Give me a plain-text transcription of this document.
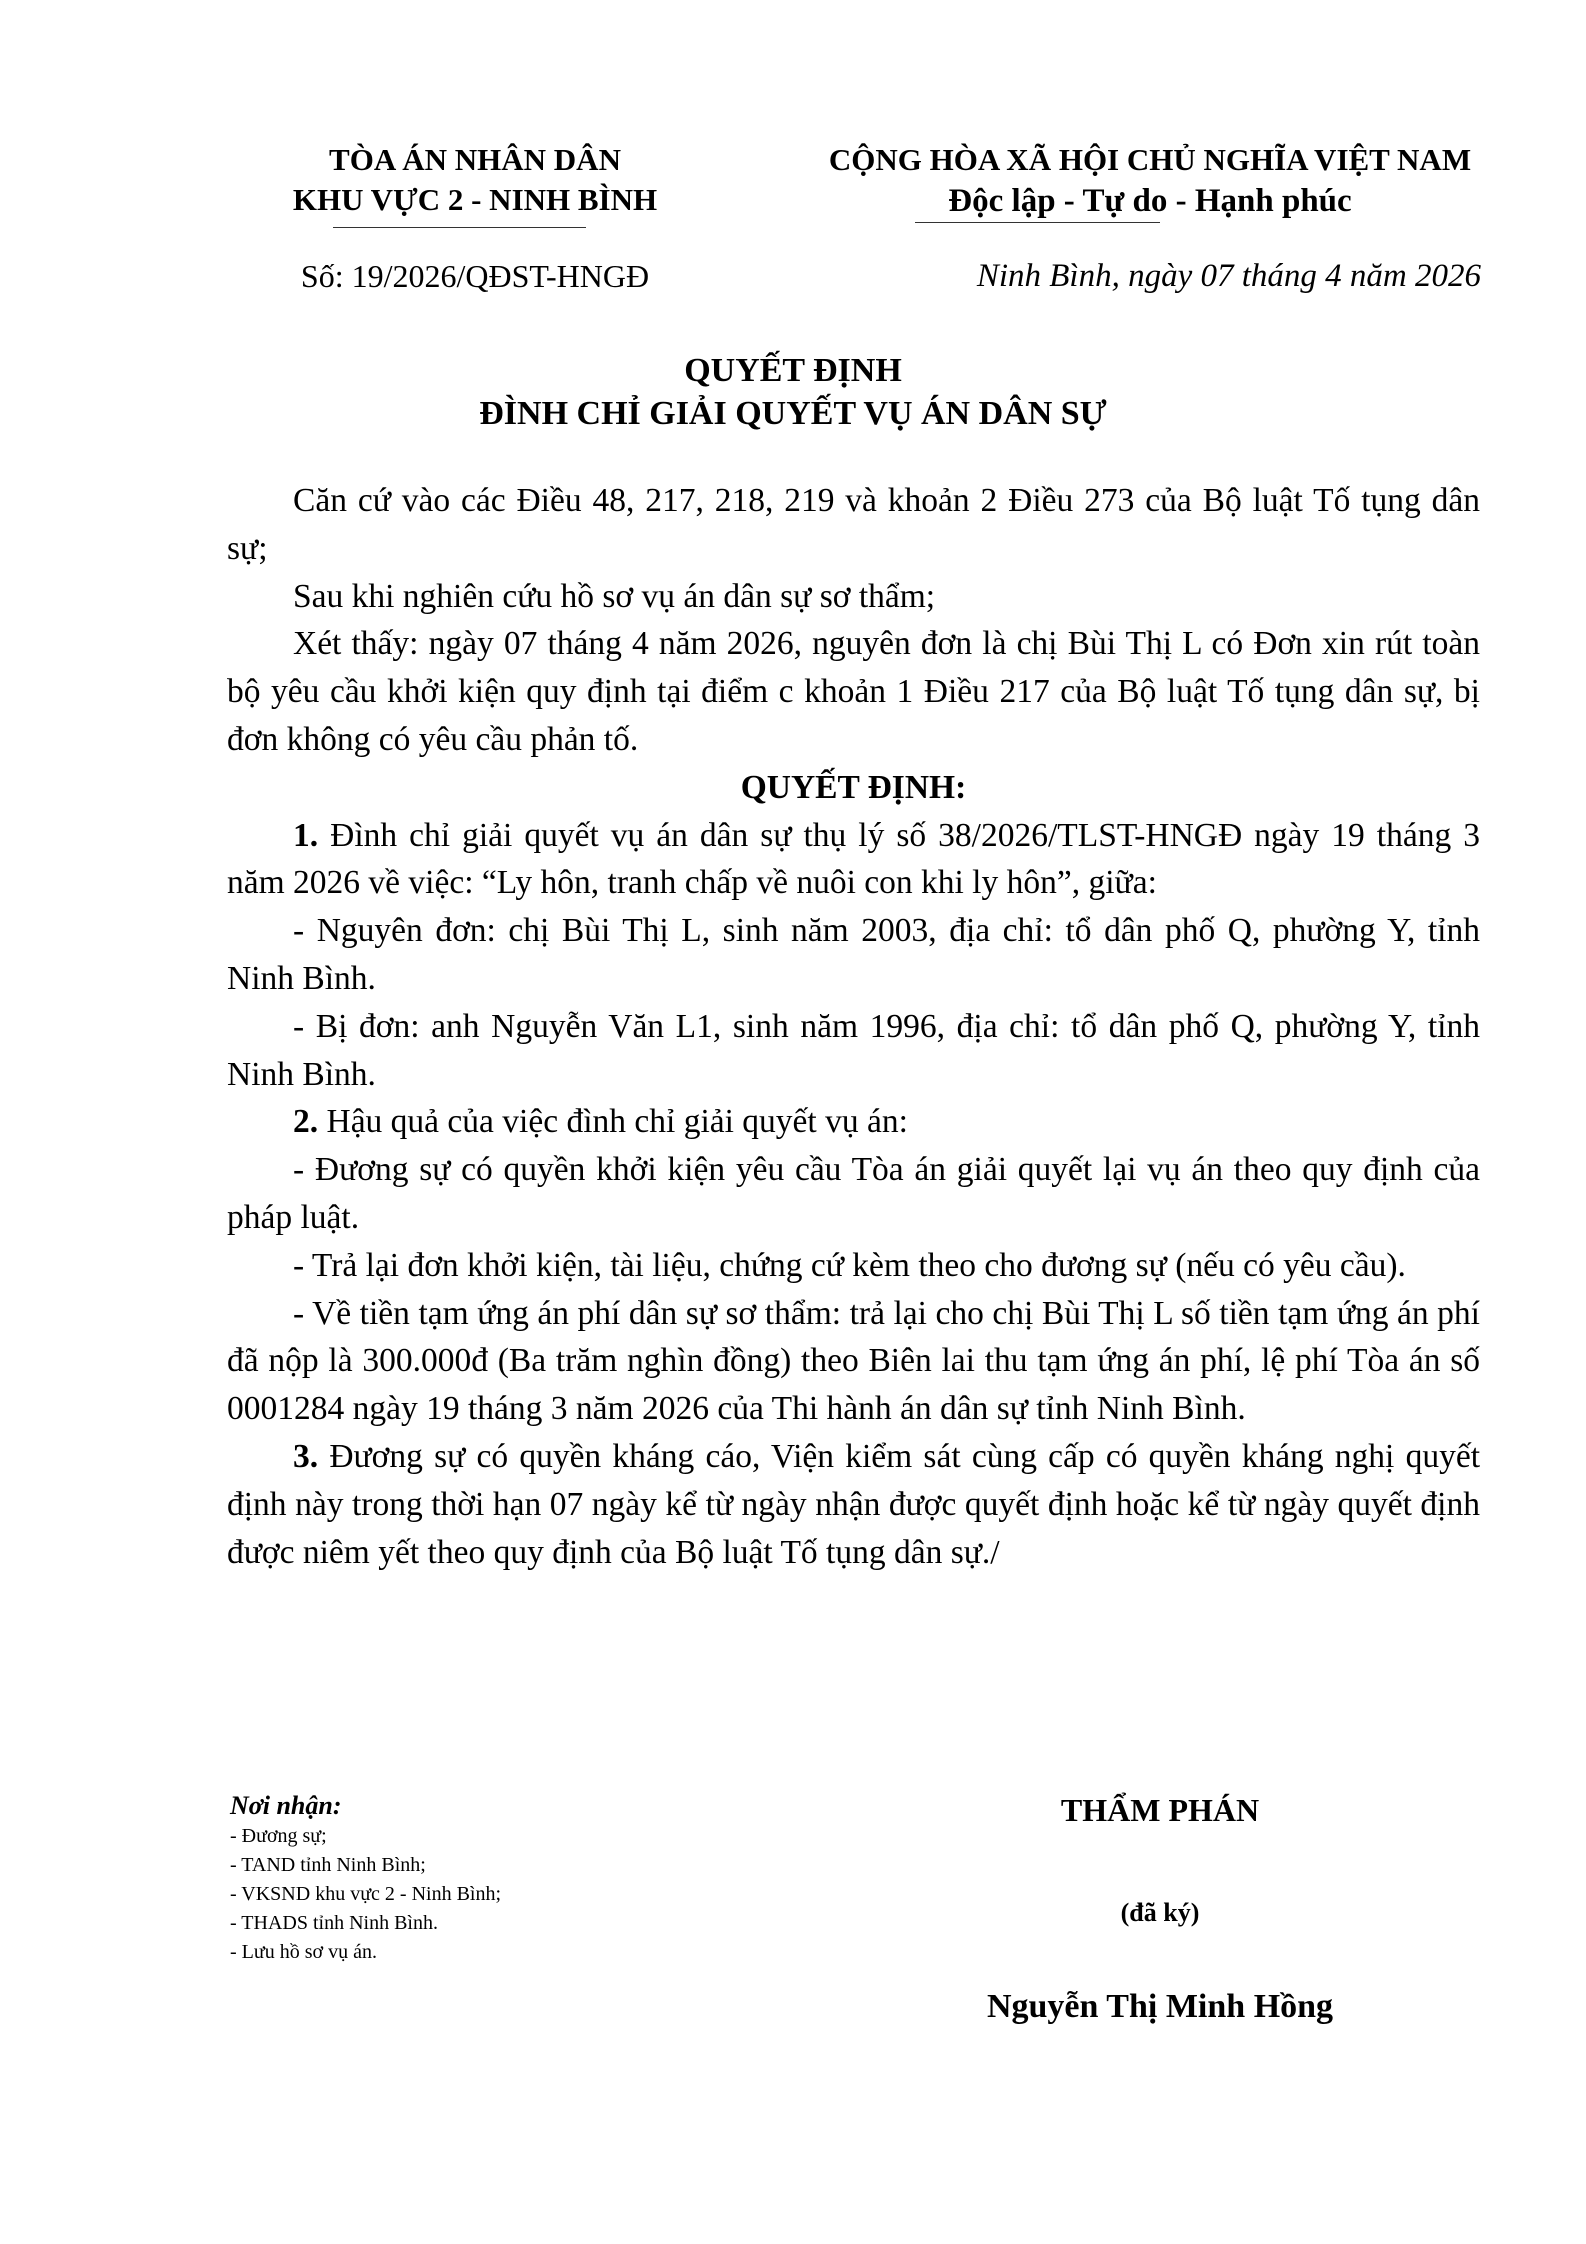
TÒA ÁN NHÂN DÂN
KHU VỰC 2 - NINH BÌNH
Số: 19/2026/QĐST-HNGĐ
CỘNG HÒA XÃ HỘI CHỦ NGHĨA VIỆT NAM
Độc lập - Tự do - Hạnh phúc
Ninh Bình, ngày 07 tháng 4 năm 2026
QUYẾT ĐỊNH
ĐÌNH CHỈ GIẢI QUYẾT VỤ ÁN DÂN SỰ

Căn cứ vào các Điều 48, 217, 218, 219 và khoản 2 Điều 273 của Bộ luật Tố tụng dân sự;

Sau khi nghiên cứu hồ sơ vụ án dân sự sơ thẩm;

Xét thấy: ngày 07 tháng 4 năm 2026, nguyên đơn là chị Bùi Thị L có Đơn xin rút toàn bộ yêu cầu khởi kiện quy định tại điểm c khoản 1 Điều 217 của Bộ luật Tố tụng dân sự, bị đơn không có yêu cầu phản tố.

QUYẾT ĐỊNH:

1. Đình chỉ giải quyết vụ án dân sự thụ lý số 38/2026/TLST-HNGĐ ngày 19 tháng 3 năm 2026 về việc: “Ly hôn, tranh chấp về nuôi con khi ly hôn”, giữa:

- Nguyên đơn: chị Bùi Thị L, sinh năm 2003, địa chỉ: tổ dân phố Q, phường Y, tỉnh Ninh Bình.

- Bị đơn: anh Nguyễn Văn L1, sinh năm 1996, địa chỉ: tổ dân phố Q, phường Y, tỉnh Ninh Bình.

2. Hậu quả của việc đình chỉ giải quyết vụ án:

- Đương sự có quyền khởi kiện yêu cầu Tòa án giải quyết lại vụ án theo quy định của pháp luật.

- Trả lại đơn khởi kiện, tài liệu, chứng cứ kèm theo cho đương sự (nếu có yêu cầu).

- Về tiền tạm ứng án phí dân sự sơ thẩm: trả lại cho chị Bùi Thị L số tiền tạm ứng án phí đã nộp là 300.000đ (Ba trăm nghìn đồng) theo Biên lai thu tạm ứng án phí, lệ phí Tòa án số 0001284 ngày 19 tháng 3 năm 2026 của Thi hành án dân sự tỉnh Ninh Bình.

3. Đương sự có quyền kháng cáo, Viện kiểm sát cùng cấp có quyền kháng nghị quyết định này trong thời hạn 07 ngày kể từ ngày nhận được quyết định hoặc kể từ ngày quyết định được niêm yết theo quy định của Bộ luật Tố tụng dân sự./

Nơi nhận:
- Đương sự;
- TAND tỉnh Ninh Bình;
- VKSND khu vực 2 - Ninh Bình;
- THADS tỉnh Ninh Bình.
- Lưu hồ sơ vụ án.
THẨM PHÁN
(đã ký)
Nguyễn Thị Minh Hồng
